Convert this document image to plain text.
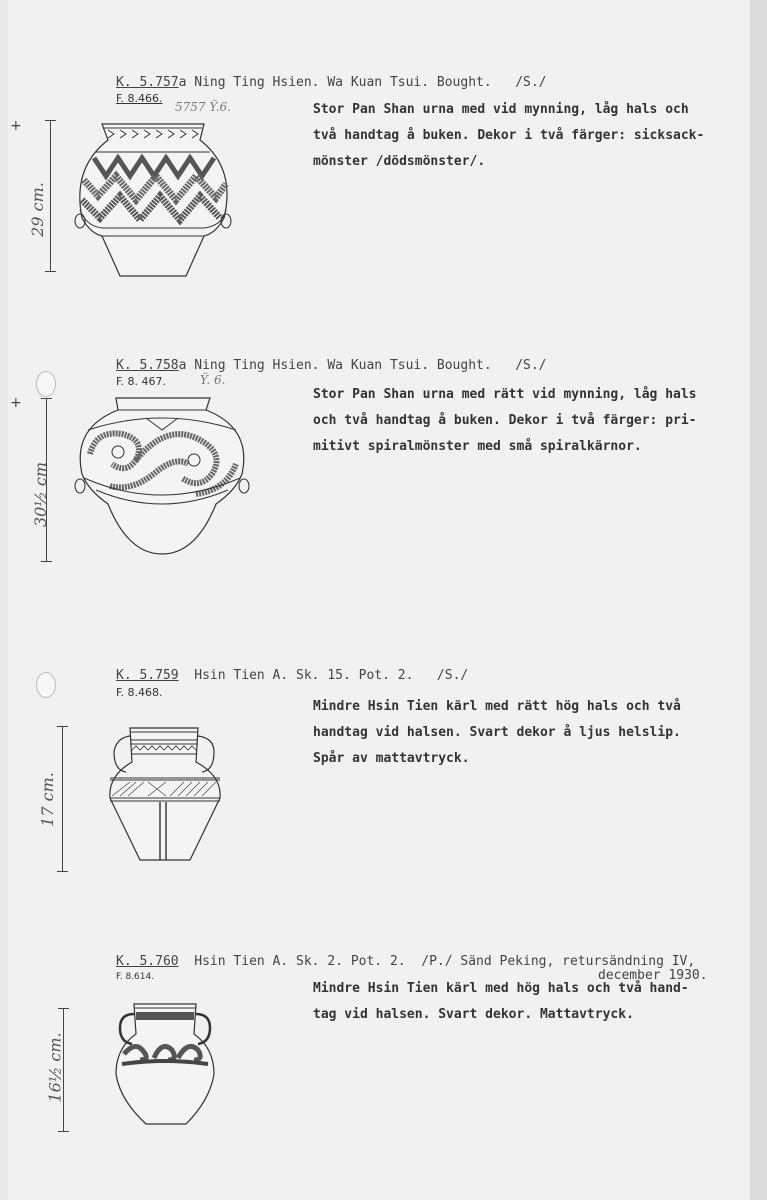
K. 5.757a Ning Ting Hsien. Wa Kuan Tsui. Bought. /S./
F. 8.466.
5757 Ÿ.6.	Stor Pan Shan urna med vid mynning, låg hals och
två handtag å buken. Dekor i två färger: sicksack-
mönster /dödsmönster/.
+
29 cm.
K. 5.758a Ning Ting Hsien. Wa Kuan Tsui. Bought. /S./
F. 8. 467.	Ÿ. 6.
Stor Pan Shan urna med rätt vid mynning, låg hals
och två handtag å buken. Dekor i två färger: pri-
mitivt spiralmönster med små spiralkärnor.
+
30½ cm
K. 5.759 Hsin Tien A. Sk. 15. Pot. 2. /S./
F. 8.468.
Mindre Hsin Tien kärl med rätt hög hals och två
handtag vid halsen. Svart dekor å ljus helslip.
Spår av mattavtryck.
17 cm.
K. 5.760 Hsin Tien A. Sk. 2. Pot. 2. /P./ Sänd Peking, retursändning IV,
december 1930.
F. 8.614.
Mindre Hsin Tien kärl med hög hals och två hand-
tag vid halsen. Svart dekor. Mattavtryck.
16½ cm.
